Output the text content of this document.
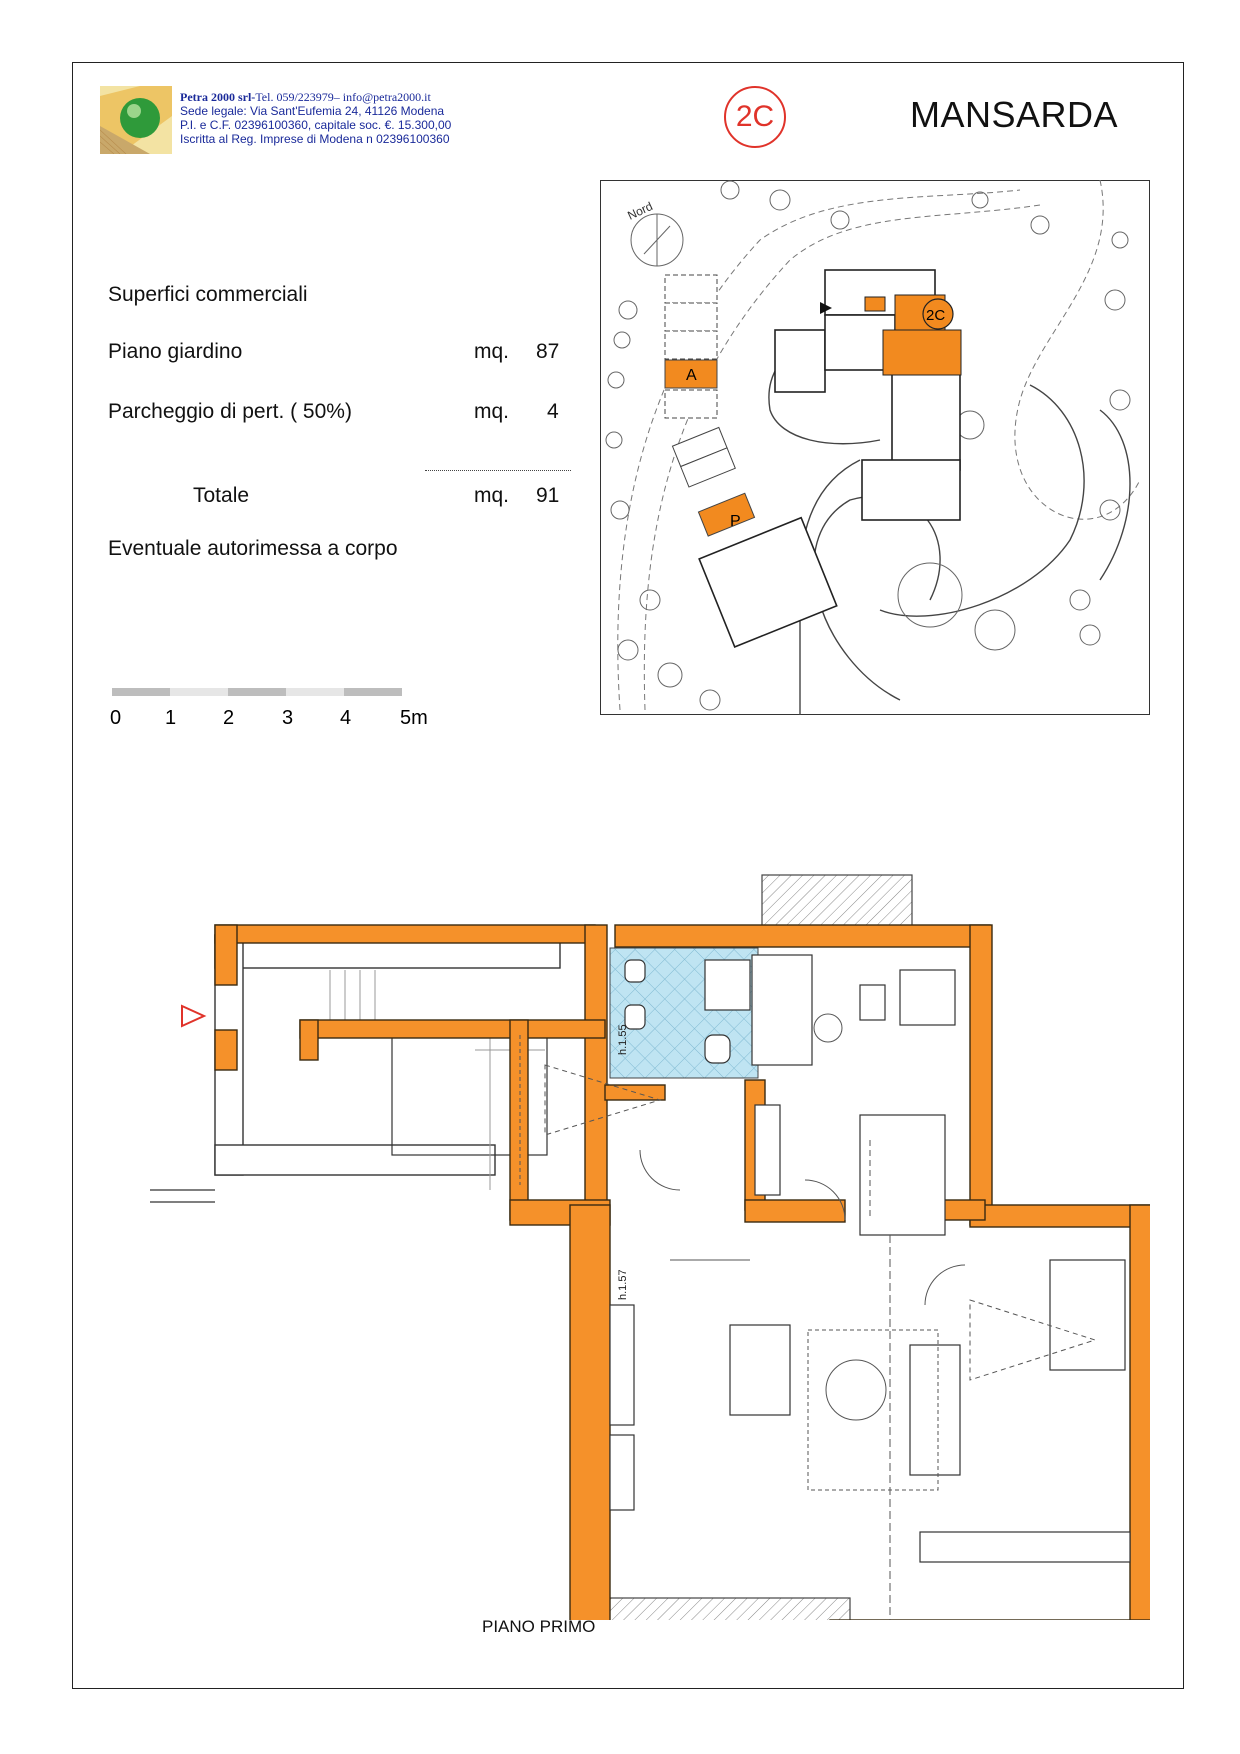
Petra 2000 srl-Tel. 059/223979– info@petra2000.it
Sede legale: Via Sant'Eufemia 24, 41126 Modena
P.I. e C.F. 02396100360, capitale soc. €. 15.300,00
Iscritta al Reg. Imprese di Modena n 02396100360
2C	MANSARDA
Superfici commerciali
Piano giardino	mq. 87
Parcheggio di pert. ( 50%)	mq. 4
Totale	mq. 91
Eventuale autorimessa a corpo
0 1 2 3 4 5m
Nord
A
P
2C
h.1.55
h.1.57
PIANO PRIMO
